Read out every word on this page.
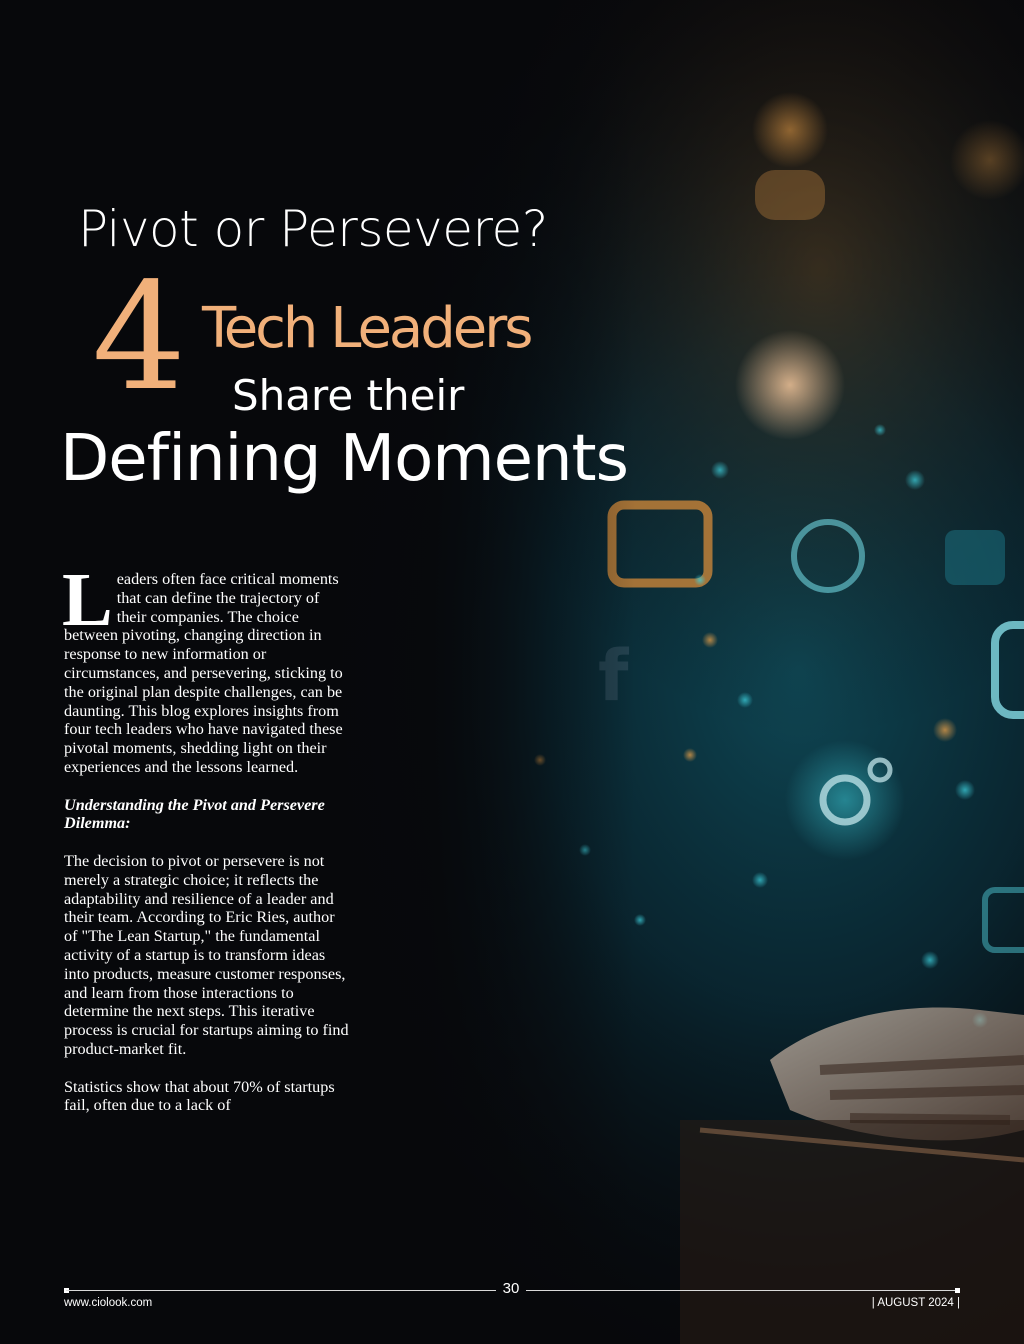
Pivot or Persevere?
4 Tech Leaders
Share their
Defining Moments

Leaders often face critical moments that can define the trajectory of their companies. The choice between pivoting, changing direction in response to new information or circumstances, and persevering, sticking to the original plan despite challenges, can be daunting. This blog explores insights from four tech leaders who have navigated these pivotal moments, shedding light on their experiences and the lessons learned.

Understanding the Pivot and Persevere Dilemma:

The decision to pivot or persevere is not merely a strategic choice; it reflects the adaptability and resilience of a leader and their team. According to Eric Ries, author of "The Lean Startup," the fundamental activity of a startup is to transform ideas into products, measure customer responses, and learn from those interactions to determine the next steps. This iterative process is crucial for startups aiming to find product-market fit.

Statistics show that about 70% of startups fail, often due to a lack of

30
www.ciolook.com	| AUGUST 2024 |
